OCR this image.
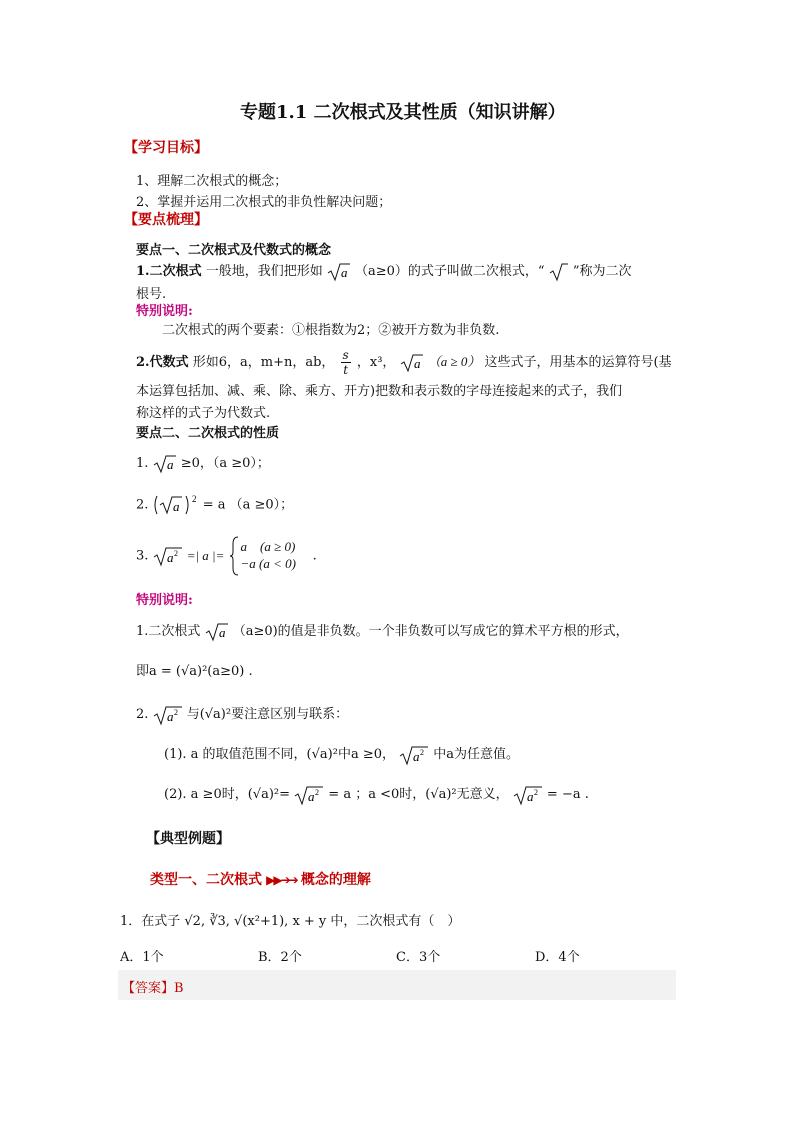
专题1.1 二次根式及其性质（知识讲解）
【学习目标】
1、理解二次根式的概念；
2、掌握并运用二次根式的非负性解决问题；
【要点梳理】
要点一、二次根式及代数式的概念
1.二次根式 一般地，我们把形如 a （a≥0）的式子叫做二次根式，“ ”称为二次
根号.
特别说明:
二次根式的两个要素：①根指数为2；②被开方数为非负数.
2.代数式 形如6，a，m+n，ab， $\frac{s}{t}$ ，x³， a （a ≥ 0） 这些式子，用基本的运算符号(基
本运算包括加、减、乘、除、乘方、开方)把数和表示数的字母连接起来的式子，我们
称这样的式子为代数式.
要点二、二次根式的性质
1. a ≥0，（a ≥0）；
2. a 2 = a （a ≥0）；
3. a 2 =| a |=
a　(a ≥ 0)
−a (a < 0) .
特别说明:
1.二次根式 a （a≥0)的值是非负数。一个非负数可以写成它的算术平方根的形式，
即a = (√a)²(a≥0) .
2. a 2 与(√a)²要注意区别与联系：
(1). a 的取值范围不同，(√a)²中a ≥0， a 2 中a为任意值。
(2). a ≥0时，(√a)²= a 2 = a ；a <0时，(√a)²无意义， a 2 = −a .
【典型例题】
类型一、二次根式 ▶▶➔➔ 概念的理解
1．在式子 √2, ∛3, √(x²+1), x + y 中，二次根式有（　）
A．1个	B．2个	C．3个	D．4个
【答案】B
